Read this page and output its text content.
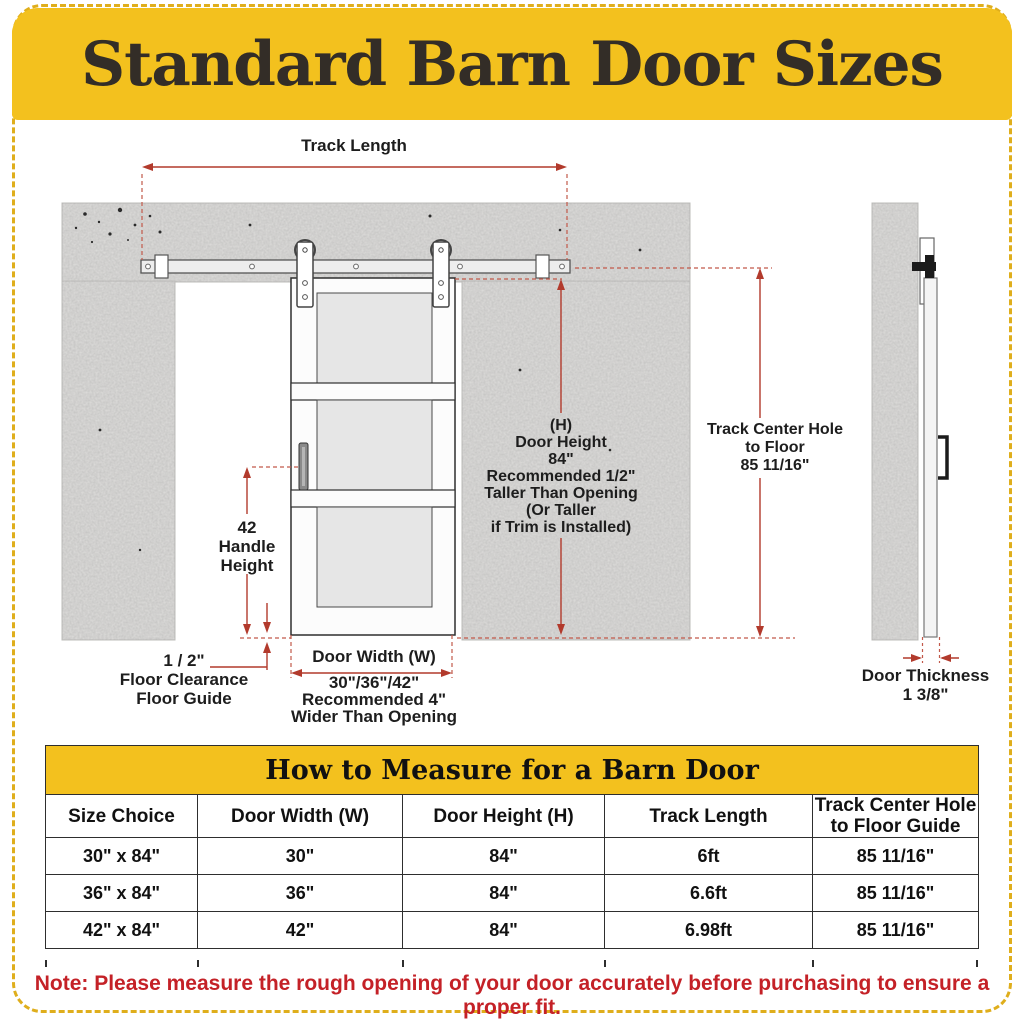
Standard Barn Door Sizes
Track Length
(H)
Door Height
84"
Recommended 1/2"
Taller Than Opening
(Or Taller
if Trim is Installed)
Track Center Hole
to Floor
85 11/16"
42
Handle
Height
1 / 2"
Floor Clearance
Floor Guide
Door Width (W)
30"/36"/42"
Recommended 4"
Wider Than Opening
Door Thickness
1 3/8"
How to Measure for a Barn Door				
Size Choice	Door Width (W)	Door Height (H)	Track Length	Track Center Hole to Floor Guide
30" x 84"	30"	84"	6ft	85 11/16"
36" x 84"	36"	84"	6.6ft	85 11/16"
42" x 84"	42"	84"	6.98ft	85 11/16"
Note: Please measure the rough opening of your door accurately before purchasing to ensure a proper fit.
